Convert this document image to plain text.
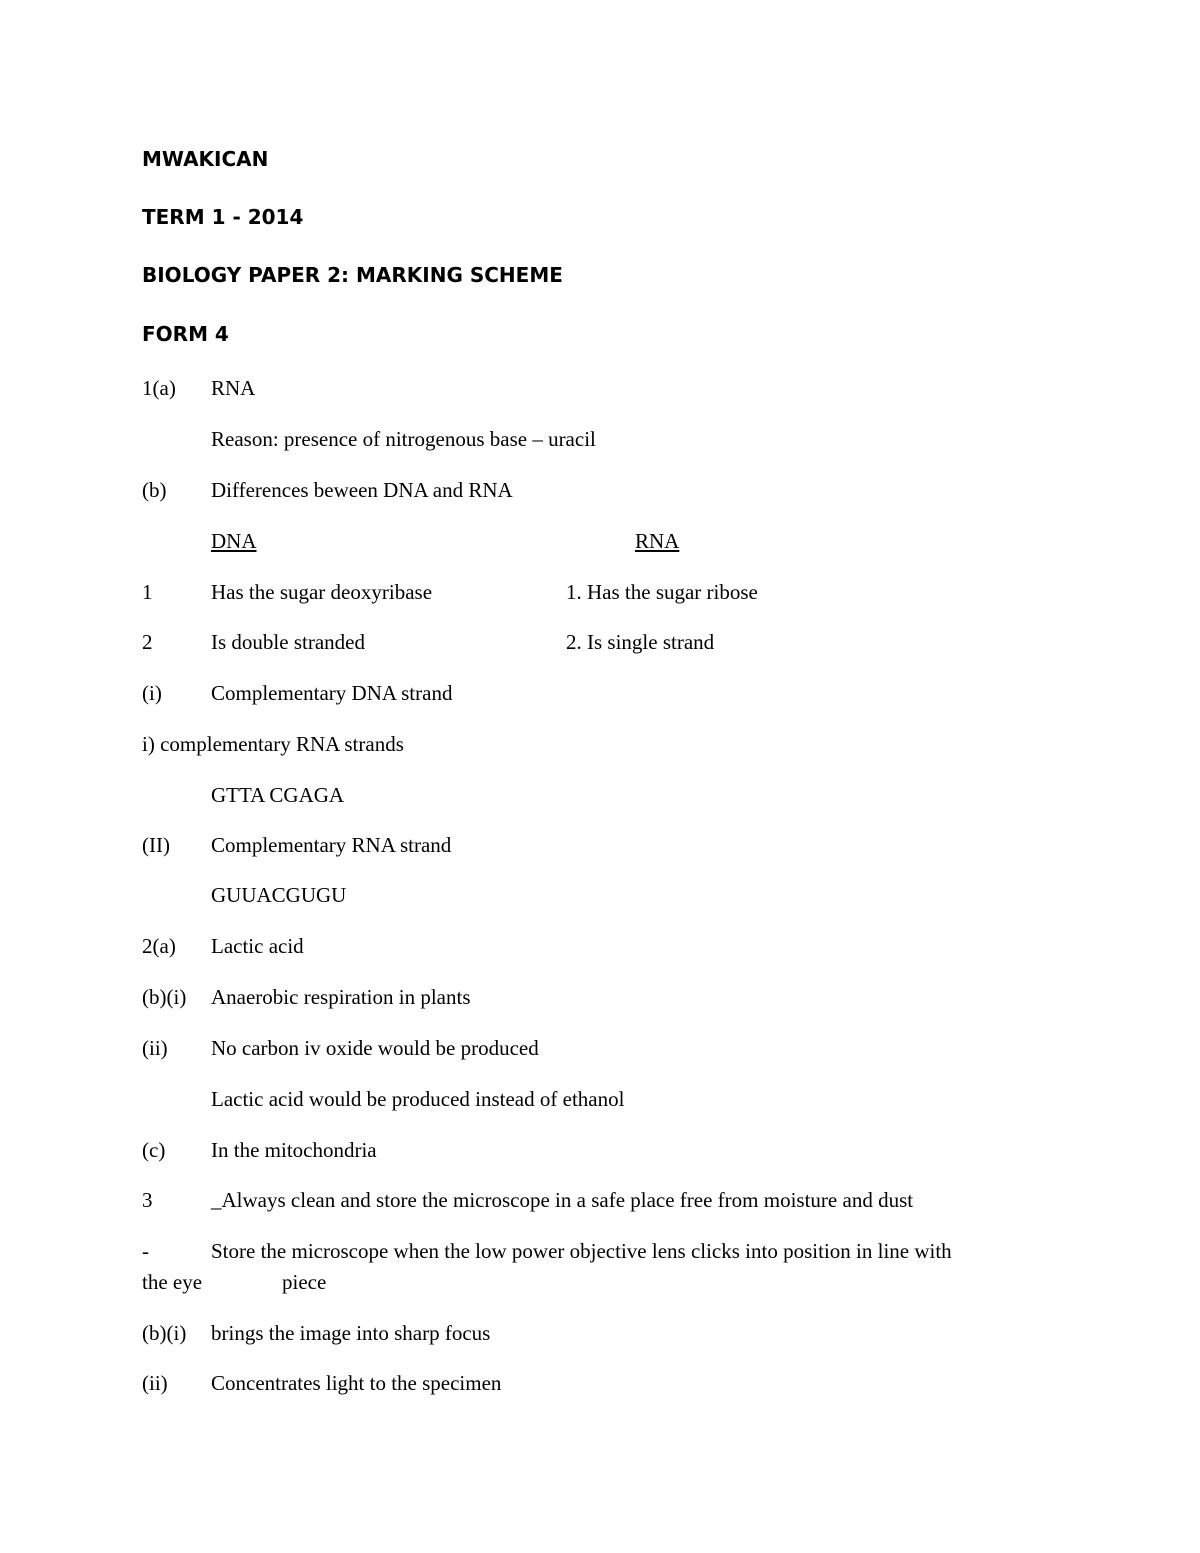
MWAKICAN
TERM 1 - 2014
BIOLOGY PAPER 2: MARKING SCHEME
FORM 4
1(a) RNA
Reason: presence of nitrogenous base – uracil
(b) Differences beween DNA and RNA
DNA	RNA
1	Has the sugar deoxyribase	1. Has the sugar ribose
2	Is double stranded	2. Is single strand
(i) Complementary DNA strand
i) complementary RNA strands
GTTA CGAGA
(II) Complementary RNA strand
GUUACGUGU
2(a) Lactic acid
(b)(i) Anaerobic respiration in plants
(ii) No carbon iv oxide would be produced
Lactic acid would be produced instead of ethanol
(c) In the mitochondria
3	_Always clean and store the microscope in a safe place free from moisture and dust
-	Store the microscope when the low power objective lens clicks into position in line with
the eye	piece
(b)(i) brings the image into sharp focus
(ii) Concentrates light to the specimen
